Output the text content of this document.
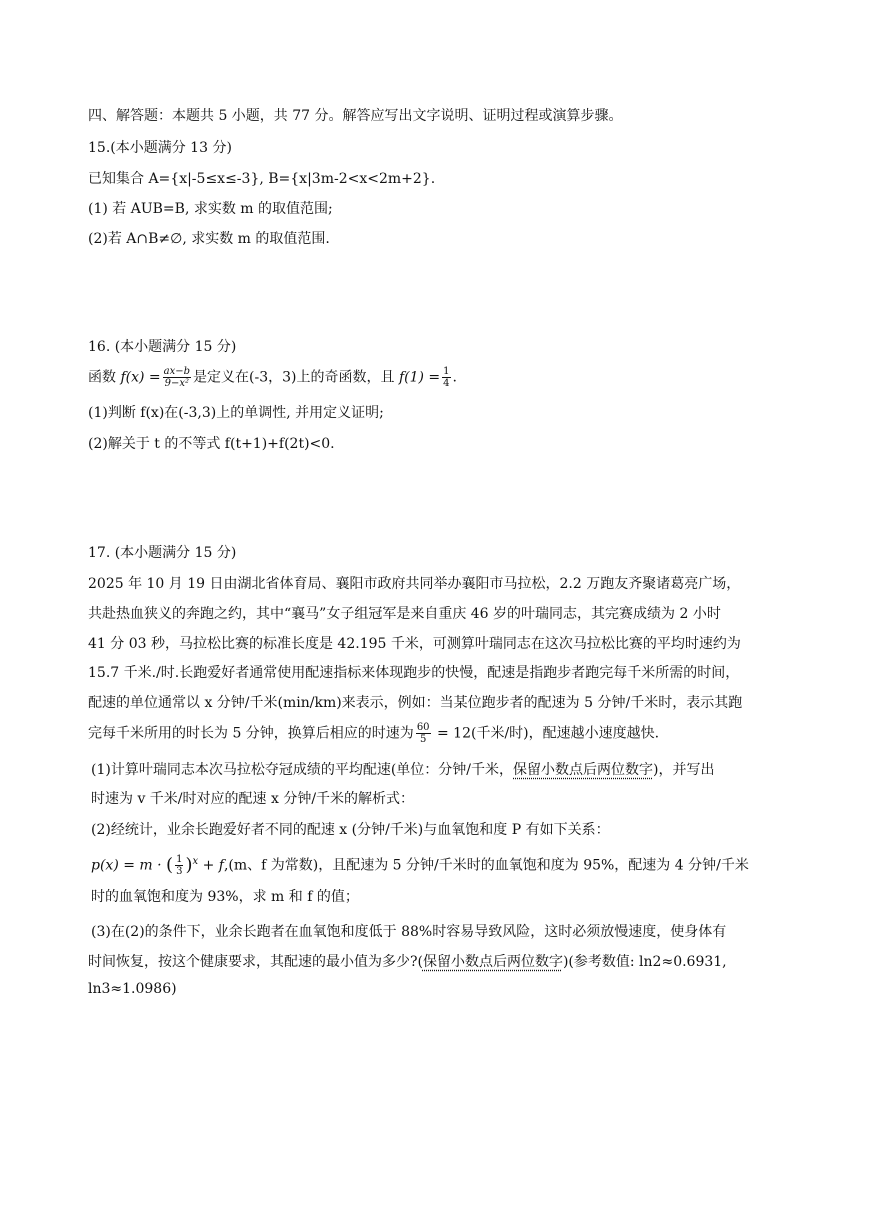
四、解答题：本题共 5 小题，共 77 分。解答应写出文字说明、证明过程或演算步骤。
15.(本小题满分 13 分)
已知集合 A={x|-5≤x≤-3}, B={x|3m-2<x<2m+2}.
(1) 若 AUB=B, 求实数 m 的取值范围;
(2)若 A∩B≠∅, 求实数 m 的取值范围.
16. (本小题满分 15 分)
函数 $f(x) = \frac{ax-b}{\text{9−x²}}$ 是定义在(-3，3)上的奇函数，且 $f(1) = \frac{1}{4}$ .
(1)判断 f(x)在(-3,3)上的单调性, 并用定义证明;
(2)解关于 t 的不等式 f(t+1)+f(2t)<0.
17. (本小题满分 15 分)
2025 年 10 月 19 日由湖北省体育局、襄阳市政府共同举办襄阳市马拉松，2.2 万跑友齐聚诸葛亮广场，
共赴热血狭义的奔跑之约，其中“襄马”女子组冠军是来自重庆 46 岁的叶瑞同志，其完赛成绩为 2 小时
41 分 03 秒，马拉松比赛的标准长度是 42.195 千米，可测算叶瑞同志在这次马拉松比赛的平均时速约为
15.7 千米./时.长跑爱好者通常使用配速指标来体现跑步的快慢，配速是指跑步者跑完每千米所需的时间，
配速的单位通常以 x 分钟/千米(min/km)来表示，例如：当某位跑步者的配速为 5 分钟/千米时，表示其跑
完每千米所用的时长为 5 分钟，换算后相应的时速为 $\frac{60}{5} = 12$(千米/时)，配速越小速度越快.
(1)计算叶瑞同志本次马拉松夺冠成绩的平均配速(单位：分钟/千米，保留小数点后两位数字)，并写出
时速为 v 千米/时对应的配速 x 分钟/千米的解析式：
(2)经统计，业余长跑爱好者不同的配速 x (分钟/千米)与血氧饱和度 P 有如下关系：
p(x) = m · ( $\frac{1}{3} )^x + f,(m$、f 为常数)，且配速为 5 分钟/千米时的血氧饱和度为 95%，配速为 4 分钟/千米
时的血氧饱和度为 93%，求 m 和 f 的值；
(3)在(2)的条件下，业余长跑者在血氧饱和度低于 88%时容易导致风险，这时必须放慢速度，使身体有
时间恢复，按这个健康要求，其配速的最小值为多少?(保留小数点后两位数字)(参考数值: ln2≈0.6931,
ln3≈1.0986)
